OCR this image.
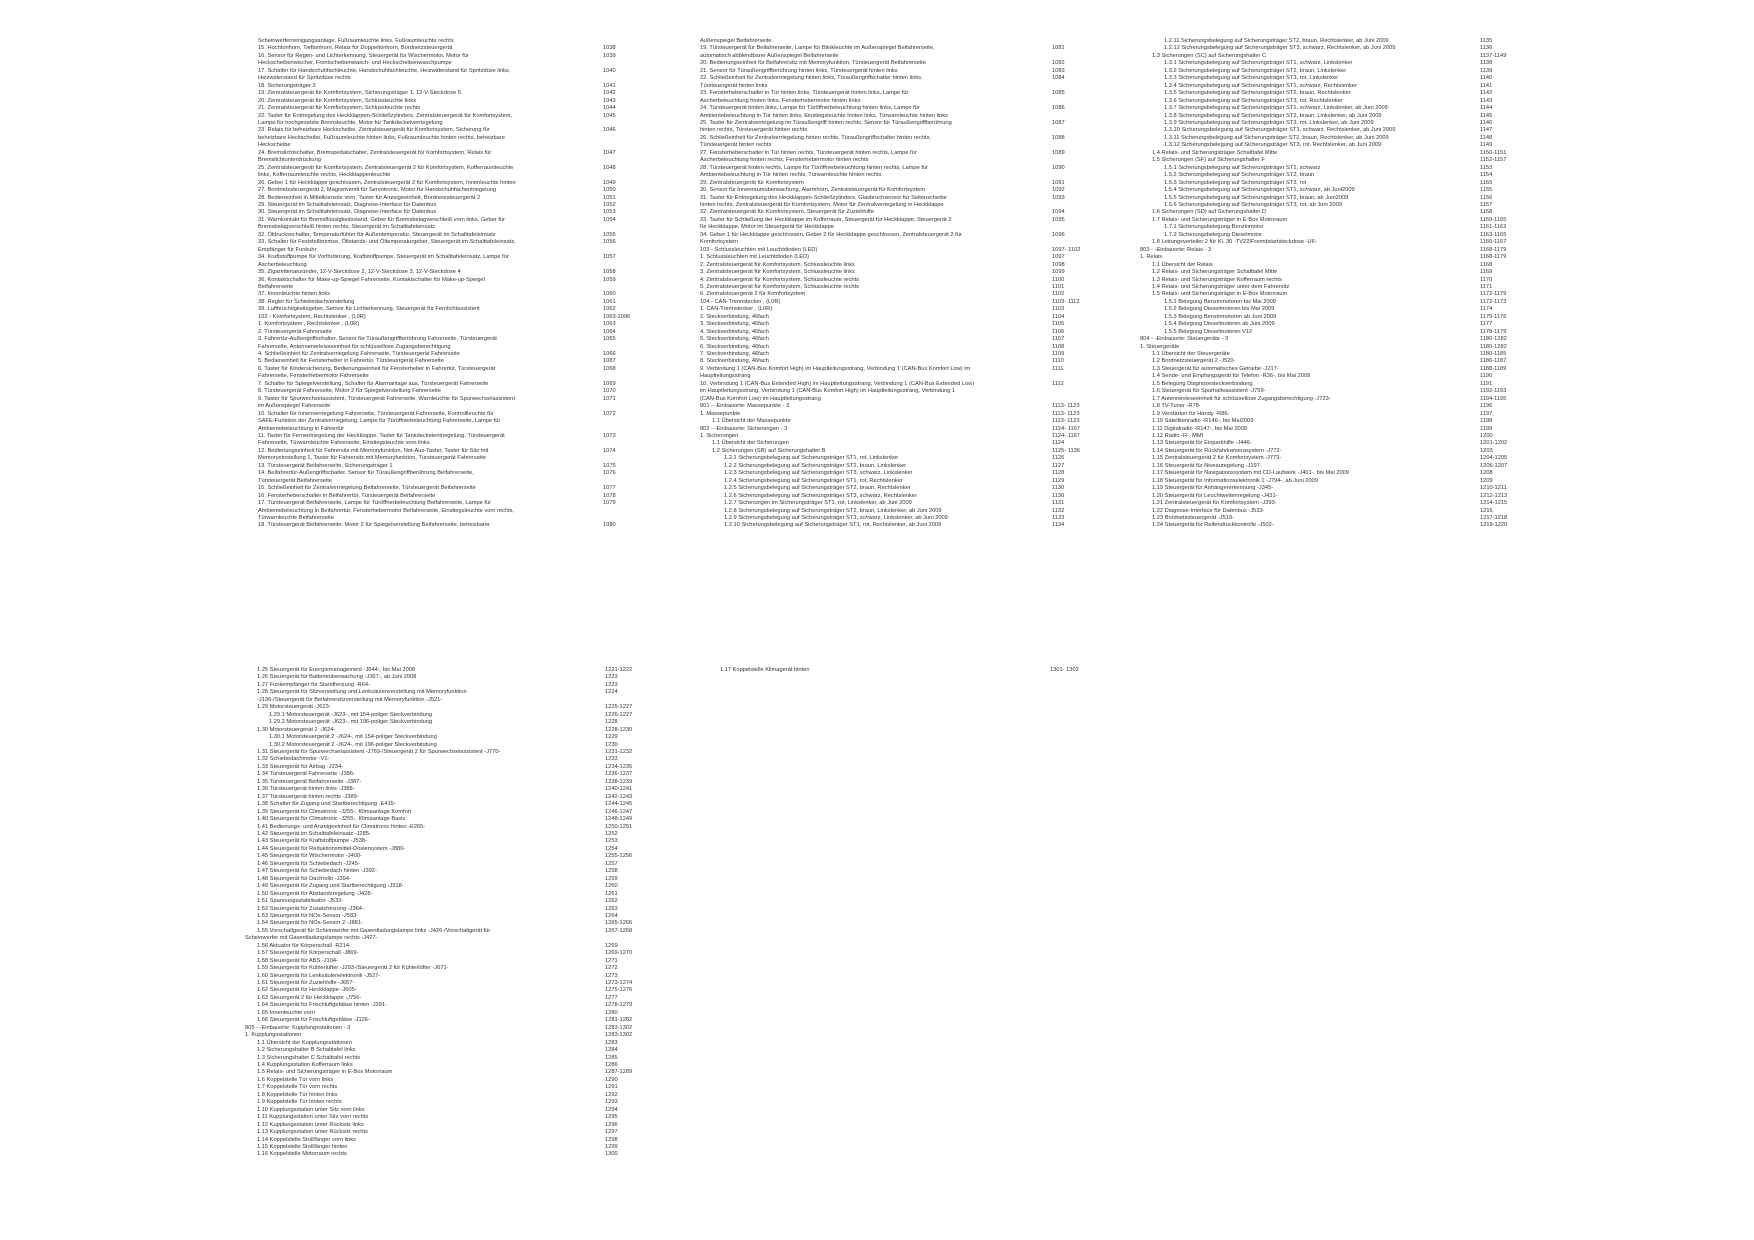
Scheinwerferreinigungsanlage, Fußraumleuchte links, Fußraumleuchte rechts
15. Hochtonhorn, Tieftonhorn, Relais für Doppeltonhorn, Bordnetzsteuergerät	1038
16. Sensor für Regen- und Lichterkennung, Steuergerät für Wischermotor, Motor für	1039
Heckscheibenwischer, Frontscheibenwasch- und Heckscheibenwaschpumpe
17. Schalter für Handschuhfachleuchte, Handschuhfachleuchte, Heizwiderstand für Spritzdüse links,	1040
Heizwiderstand für Spritzdüse rechts
18. Sicherungsträger 3	1041
19. Zentralsteuergerät für Komfortsystem, Sicherungsträger 1, 12-V-Steckdose 5	1042
20. Zentralsteuergerät für Komfortsystem, Schlussleuchte links	1043
21. Zentralsteuergerät für Komfortsystem, Schlussleuchte rechts	1044
22. Taster für Entriegelung des Heckklappen-Schließzylinders, Zentralsteuergerät für Komfortsystem,	1045
Lampe für hochgesetzte Bremsleuchte, Motor für Tankdeckelverriegelung
23. Relais für beheizbare Heckscheibe, Zentralsteuergerät für Komfortsystem, Sicherung für	1046
beheizbare Heckscheibe, Fußraumleuchte hinten links, Fußraumleuchte hinten rechts, beheizbare
Heckscheibe
24. Bremslichtschalter, Bremspedalschalter, Zentralsteuergerät für Komfortsystem, Relais für	1047
Bremslichtunterdrückung
25. Zentralsteuergerät für Komfortsystem, Zentralsteuergerät 2 für Komfortsystem, Kofferraumleuchte	1048
links, Kofferraumleuchte rechts, Heckklappenleuchte
26. Geber 1 für Heckklappe geschlossen, Zentralsteuergerät 2 für Komfortsystem, Innenleuchte hinten	1049
27. Bordnetzsteuergerät 2, Magnetventil für Servotronic, Motor für Handschuhfachentriegelung	1050
28. Bedieneinheit in Mittelkonsole vorn, Taster für Anzeigeeinheit, Bordnetzsteuergerät 2	1051
29. Steuergerät im Schalttafeleinsatz, Diagnose-Interface für Datenbus	1052
30. Steuergerät im Schalttafeleinsatz, Diagnose-Interface für Datenbus	1053
31. Warnkontakt für Bremsflüssigkeitsstand, Geber für Bremsbelagverschleiß vorn links, Geber für	1054
Bremsbelagverschleiß hinten rechts, Steuergerät im Schalttafeleinsatz
32. Öldrucksschalter, Temperaturfühler für Außentemperatur, Steuergerät im Schalttafeleinsatz	1055
33. Schalter für Feststellbremse, Öltstands- und Öltemperaturgeber, Steuergerät im Schalttafeleinsatz,	1056
Empfänger für Funkuhr
34. Kraftstoffpumpe für Vorförderung, Kraftstoffpumpe, Steuergerät im Schalttafeleinsatz, Lampe für	1057
Ascherbeleuchtung
35. Zigarettenanzünder, 12-V-Steckdose 2, 12-V-Steckdose 3, 12-V-Steckdose 4	1058
36. Kontaktschalter für Make-up-Spiegel Fahrerseite, Kontaktschalter für Make-up-Spiegel	1059
Beifahrerseite
37. Innenleuchte hinten links	1060
38. Regler für Schiebedachverstellung	1061
39. Luftfeuchtigkeitsgeber, Sensor für Lichterkennung, Steuergerät für Fernlichtassistent	1062
102 - Komfortsystem, Rechtslenker , (L0R)	1063-1096
1. Komfortsystem , Rechtslenker , (L0R)	1063
2. Türsteuergerät Fahrerseite	1064
3. Fahrertür-Außengriffschalter, Sensor für Türaußengriffberührung Fahrerseite, Türsteuergerät	1065
Fahrerseite, Antennenerleisseeinheit für schlüssellose Zugangsberechtigung
4. Schließeinheit für Zentralverriegelung Fahrerseite, Türsteuergerät Fahrerseite	1066
5. Bedieneinheit für Fensterheber in Fahrertür, Türsteuergerät Fahrerseite	1067
6. Taster für Kindersicherung, Bedienungseinheit für Fensterheber in Fahrertür, Türsteuergerät	1068
Fahrerseite, Fensterhebermotor Fahrerseite
7. Schalter für Spiegelverstellung, Schalter für Alarmanlage aus, Türsteuergerät Fahrerseite	1069
8. Türsteuergerät Fahrerseite, Motor 2 für Spiegelverstellung Fahrerseite	1070
9. Taster für Spurwechselassistent, Türsteuergerät Fahrerseite, Warnleuchte für Spurwechselassistent	1071
im Außenspiegel Fahrerseite
10. Schalter für Innenverriegelung Fahrerseite, Türsteuergerät Fahrerseite, Kontrollleuchte für	1072
SAFE-Funktion der Zentralverriegelung, Lampe für Türöffnerbeleuchtung Fahrerseite, Lampe für
Ambientebeleuchtung in Fahrertür
11. Taster für Fernentriegelung der Heckklappe, Taster für Tankdeckelentriegelung, Türsteuergerät	1073
Fahrerseite, Türwarnleuchte Fahrerseite, Einstiegsleuchte vorn links
12. Bedienungseinheit für Fahrersitz mit Memoryfunktion, Not-Aus-Taster, Taster für Sitz mit	1074
Memoryeinstellung 1, Taster für Fahrersitz mit Memoryfunktion, Türsteuergerät Fahrerseite
13. Türsteuergerät Beifahrerseite, Sicherungsträger 1	1075
14. Beifahrertür-Außengriffschalter, Sensor für Türaußengriffberührung Beifahrerseite,	1076
Türsteuergerät Beifahrerseite
15. Schließeinheit für Zentralverriegelung Beifahrerseite, Türsteuergerät Beifahrerseite	1077
16. Fensterheberschalter in Beifahrertür, Türsteuergerät Beifahrerseite	1078
17. Türsteuergerät Beifahrerseite, Lampe für Türöffnerbeleuchtung Beifahrerseite, Lampe für	1079
Ambientebeleuchtung in Beifahrertür, Fensterhebermotor Beifahrerseite, Einstiegsleuchte vorn rechts,
Türwarnleuchte Beifahrerseite
18. Türsteuergerät Beifahrerseite, Motor 2 für Spiegelverstellung Beifahrerseite, beheizbarer	1080
Außenspiegel Beifahrerseite
19. Türsteuergerät für Beifahrerseite, Lampe für Blinkleuchte im Außenspiegel Beifahrerseite,	1081
automatisch abblendbarer Außenspiegel Beifahrerseite
20. Bedienungseinheit für Beifahrersitz mit Memoryfunktion, Türsteuergerät Beifahrerseite	1082
21. Sensor für Türaußengriffberührung hinten links, Türsteuergerät hinten links	1083
22. Schließeinheit für Zentralverriegelung hinten links, Türaußengriffschalter hinten links,	1084
Türsteuergerät hinten links
23. Fensterheberschalter in Tür hinten links, Türsteuergerät hinten links, Lampe für	1085
Ascherbeleuchtung hinten links, Fensterhebermotor hinten links
24. Türsteuergerät hinten links, Lampe für Türöffnerbeleuchtung hinten links, Lampe für	1086
Ambientebeleuchtung in Tür hinten links, Einstiegsleuchte hinten links, Türwarnleuchte hinten links
25. Taster für Zentralverriegelung im Türaußengriff hinten rechts, Sensor für Türaußengriffberührung	1087
hinten rechts, Türsteuergerät hinten rechts
26. Schließeinheit für Zentralverriegelung hinten rechts, Türaußengriffschalter hinten rechts,	1088
Türsteuergerät hinten rechts
27. Fensterheberschalter in Tür hinten rechts, Türsteuergerät hinten rechts, Lampe für	1089
Ascherbeleuchtung hinten rechts, Fensterhebermotor hinten rechts
28. Türsteuergerät hinten rechts, Lampe für Türöffnerbeleuchtung hinten rechts, Lampe für	1090
Ambientebeleuchtung in Tür hinten rechts, Türwarnleuchte hinten rechts
29. Zentralsteuergerät für Komfortsystem	1091
30. Sensor für Innenraumüberwachung, Alarmhorn, Zentralsteuergerät für Komfortsystem	1092
31. Taster für Entriegelung des Heckklappen-Schließzylinders, Glasbruchsensor für Seitenscheibe	1093
hinten rechts, Zentralsteuergerät für Komfortsystem, Motor für Zentralverriegelung in Heckklappe
32. Zentralsteuergerät für Komfortsystem, Steuergerät für Zuziehhilfe	1094
33. Taster für Schließung der Heckklappe im Kofferraum, Steuergerät für Heckklappe, Steuergerät 2	1095
für Heckklappe, Motor im Steuergerät für Heckklappe
34. Geber 1 für Heckklappe geschlossen, Geber 2 für Heckklappe geschlossen, Zentralsteuergerät 2 für	1096
Komfortsystem
103 - Schlussleuchten mit Leuchtdioden (LED)	1097- 1102
1. Schlussleuchten mit Leuchtdioden (LED)	1097
2. Zentralsteuergerät für Komfortsystem, Schlussleuchte links	1098
3. Zentralsteuergerät für Komfortsystem, Schlussleuchte links	1099
4. Zentralsteuergerät für Komfortsystem, Schlussleuchte rechts	1100
5. Zentralsteuergerät für Komfortsystem, Schlussleuchte rechts	1101
6. Zentralsteuergerät 2 für Komfortsystem	1102
104 - CAN-Trennstecker , (L0R)	1103- 1112
1. CAN-Trennstecker , (L0R)	1103
2. Steckverbindung, 46fach	1104
3. Steckverbindung, 46fach	1105
4. Steckverbindung, 46fach	1106
5. Steckverbindung, 46fach	1107
6. Steckverbindung, 46fach	1108
7. Steckverbindung, 46fach	1109
8. Steckverbindung, 46fach	1110
9. Verbindung 1 (CAN-Bus Komfort High) im Hauptleitungsstrang, Verbindung 1 (CAN-Bus Komfort Low) im	1111
Hauptleitungsstrang
10. Verbindung 1 (CAN-Bus Extended High) im Hauptleitungsstrang, Verbindung 1 (CAN-Bus Extended Low)	1112
im Hauptleitungsstrang, Verbindung 1 (CAN-Bus Komfort High) im Hauptleitungsstrang, Verbindung 1
(CAN-Bus Komfort Low) im Hauptleitungsstrang
801 - -Einbauorte: Massepunkte - 3	1113- 1123
1. Massepunkte	1113- 1123
1.1 Übersicht der Massepunkte	1113- 1123
802 - -Einbauorte: Sicherungen - 3	1124- 1167
1. Sicherungen	1124- 1167
1.1 Übersicht der Sicherungen	1124
1.2 Sicherungen (SB) auf Sicherungshalter B	1125- 1136
1.2.1 Sicherungsbelegung auf Sicherungsträger ST1, rot, Linkslenker	1126
1.2.2 Sicherungsbelegung auf Sicherungsträger ST2, braun, Linkslenker	1127
1.2.3 Sicherungsbelegung auf Sicherungsträger ST3, schwarz, Linkslenker	1128
1.2.4 Sicherungsbelegung auf Sicherungsträger ST1, rot, Rechtslenker	1129
1.2.5 Sicherungsbelegung auf Sicherungsträger ST2, braun, Rechtslenker	1130
1.2.6 Sicherungsbelegung auf Sicherungsträger ST3, schwarz, Rechtslenker	1130
1.2.7 Sicherungen im Sicherungsträger ST1, rot, Linkslenker, ab Juni 2009	1131
1.2.8 Sicherungsbelegung auf Sicherungsträger ST2, braun, Linkslenker, ab Juni 2009	1132
1.2.9 Sicherungsbelegung auf Sicherungsträger ST3, schwarz, Linkslenker, ab Juni 2009	1133
1.2.10 Sicherungsbelegung auf Sicherungsträger ST1, rot, Rechtslenker, ab Juni 2009	1134
1.2.11 Sicherungsbelegung auf Sicherungsträger ST2, braun, Rechtslenker, ab Juni 2009	1135
1.2.12 Sicherungsbelegung auf Sicherungsträger ST3, schwarz, Rechtslenker, ab Juni 2009	1136
1.3 Sicherungen (SC) auf Sicherungshalter C	1137-1149
1.3.1 Sicherungsbelegung auf Sicherungsträger ST1, schwarz, Linkslenker	1138
1.3.2 Sicherungsbelegung auf Sicherungsträger ST2, braun, Linkslenker	1139
1.3.3 Sicherungsbelegung auf Sicherungsträger ST3, rot, Linkslenker	1140
1.3.4 Sicherungsbelegung auf Sicherungsträger ST1, schwarz, Rechtslenker	1141
1.3.5 Sicherungsbelegung auf Sicherungsträger ST2, braun, Rechtslenker	1142
1.3.6 Sicherungsbelegung auf Sicherungsträger ST3, rot, Rechtslenker	1143
1.3.7 Sicherungsbelegung auf Sicherungsträger ST1, schwarz, Linkslenker, ab Juni 2009	1144
1.3.8 Sicherungsbelegung auf Sicherungsträger ST2, braun, Linkslenker, ab Juni 2009	1145
1.3.9 Sicherungsbelegung auf Sicherungsträger ST3, rot, Linkslenker, ab Juni 2009	1146
1.3.10 Sicherungsbelegung auf Sicherungsträger ST1, schwarz, Rechtslenker, ab Juni 2009	1147
1.3.11 Sicherungsbelegung auf Sicherungsträger ST2, braun, Rechtslenker, ab Juni 2009	1148
1.3.12 Sicherungsbelegung auf Sicherungsträger ST3, rot, Rechtslenker, ab Juni 2009	1149
1.4 Relais- und Sicherungsträger Schalttafel Mitte	1150-1151
1.5 Sicherungen (SF) auf Sicherungshalter F	1152-1157
1.5.1 Sicherungsbelegung auf Sicherungsträger ST1, schwarz	1153
1.5.2 Sicherungsbelegung auf Sicherungsträger ST2, braun	1154
1.5.3 Sicherungsbelegung auf Sicherungsträger ST3, rot	1155
1.5.4 Sicherungsbelegung auf Sicherungsträger ST1, schwarz, ab Juni2009	1155
1.5.5 Sicherungsbelegung auf Sicherungsträger ST2, braun, ab Juni2009	1156
1.5.6 Sicherungsbelegung auf Sicherungsträger ST3, rot, ab Juni 2009	1157
1.6 Sicherungen (SD) auf Sicherungshalter D	1158
1.7 Relais- und Sicherungsträger in E-Box Motorraum	1159-1165
1.7.1 Sicherungsbelegung Benzinmotor	1161-1162
1.7.2 Sicherungsbelegung Dieselmotor	1163-1165
1.8 Leitungsverteiler 2 für Kl. 30 -TV22/Fremdstartsteckdose -U6-	1166-1167
803 - -Einbauorte: Relais - 3	1168-1179
1. Relais	1168-1179
1.1 Übersicht der Relais	1168
1.2 Relais- und Sicherungsträger Schalttafel Mitte	1169
1.3 Relais- und Sicherungsträger Kofferraum rechts	1170
1.4 Relais- und Sicherungsträger unter dem Fahrersitz	1171
1.5 Relais- und Sicherungsträger in E-Box Motorraum	1172-1179
1.5.1 Belegung Benzinmotoren bis Mai 2009	1172-1173
1.5.2 Belegung Dieselmotoren bis Mai 2009	1174
1.5.3 Belegung Benzinmotoren ab Juni 2009	1175-1176
1.5.4 Belegung Dieselmotoren ab Juni 2009	1177
1.5.5 Belegung Dieselmotoren V12	1178-1179
804 - -Einbauorte: Steuergeräte - 3	1180-1282
1. Steuergeräte	1180-1282
1.1 Übersicht der Steuergeräte	1180-1185
1.2 Bordnetzsteuergerät 2 -J520-	1186-1187
1.3 Steuergerät für automatisches Getriebe -J217-	1188-1189
1.4 Sende- und Empfangsgerät für Telefon -R36-, bis Mai 2009	1190
1.5 Belegung Diagnosesteckverbindung	1191
1.6 Steuergerät für Spurhalteassistent -J759-	1192-1193
1.7 Antennenleseeinheit für schlüssellose Zugangsberechtigung -J723-	1194-1195
1.8 TV-Tuner -R78-	1196
1.9 Verstärker für Handy -R86-	1197
1.10 Satellitenradio -R146-, bis Mai2009	1198
1.11 Digitalradio -R147-, bis Mai 2009	1199
1.12 Radio -R-, MMI	1200
1.13 Steuergerät für Einparkhilfe -J446-	1201-1202
1.14 Steuergerät für Rückfahrkamerasystem -J772-	1203
1.15 Zentralsteuergerät 2 für Komfortsystem -J773-	1204-1205
1.16 Steuergerät für Niveauregelung -J197-	1206-1207
1.17 Steuergerät für Navigationssystem mit CD-Laufwerk -J401-, bis Mai 2009	1208
1.18 Steuergerät für Informationselektronik 1 -J794-, ab Juni 2009	1209
1.19 Steuergerät für Anhängererkennung -J345-	1210-1211
1.20 Steuergerät für Leuchtweitenregelung -J431-	1212-1213
1.21 Zentralsteuergerät für Komfortsystem -J393-	1214-1215
1.22 Diagnose-Interface für Datenbus -J533-	1216
1.23 Bordnetzsteuergerät -J519-	1217-1218
1.24 Steuergerät für Reifendruckkontrolle -J502-	1219-1220
1.25 Steuergerät für Energiemanagement -J644-, bis Mai 2008	1221-1222
1.26 Steuergerät für Batterieüberwachung -J367-, ab Juni 2008	1223
1.27 Funkempfänger für Standheizung -R64-	1223
1.28 Steuergerät für Sitzverstellung und Lenksäulenverstellung mit Memoryfunktion	1224
-J136-/Steuergerät für Beifahrersitzverstellung mit Memoryfunktion -J521-
1.29 Motorsteuergerät -J623-	1225-1227
1.29.1 Motorsteuergerät -J623-, mit 154-poliger Steckverbindung	1226-1227
1.29.2 Motorsteuergerät -J623-, mit 196-poliger Steckverbindung	1228
1.30 Motorsteuergerät 2 -J624-	1228-1230
1.30.1 Motorsteuergerät 2 -J624-, mit 154-poliger Steckverbindung	1229
1.30.2 Motorsteuergerät 2 -J624-, mit 196-poliger Steckverbindung	1230
1.31 Steuergerät für Spurwechselassistent -J769-/Steuergerät 2 für Spurwechselassistent -J770-	1231-1232
1.32 Schiebedachmotor -V1-	1233
1.33 Steuergerät für Airbag -J234-	1234-1235
1.34 Türsteuergerät Fahrerseite -J386-	1236-1237
1.35 Türsteuergerät Beifahrerseite -J387-	1238-1239
1.36 Türsteuergerät hinten links -J388-	1240-1241
1.37 Türsteuergerät hinten rechts -J389-	1242-1243
1.38 Schalter für Zugang und Startberechtigung -E415-	1244-1245
1.39 Steuergerät für Climatronic -J255-, Klimaanlage Komfort	1246-1247
1.40 Steuergerät für Climatronic -J255-, Klimaanlage Basis	1248-1249
1.41 Bedienungs- und Anzeigeeinheit für Climatronic hinten -E265-	1250-1251
1.42 Steuergerät im Schalttafeleinsatz -J285-	1252
1.43 Steuergerät für Kraftstoffpumpe -J538-	1253
1.44 Steuergerät für Reduktionsmittel-Dosiersystem -J880-	1254
1.45 Steuergerät für Wischermotor -J400-	1255-1256
1.46 Steuergerät für Schiebedach -J245-	1257
1.47 Steuergerät für Schiebedach hinten -J392-	1258
1.48 Steuergerät für Dachrollo -J394-	1259
1.49 Steuergerät für Zugang und Startberechtigung -J518-	1260
1.50 Steuergerät für Abstandsregelung -J428-	1261
1.51 Spannungsstabilisator -J532-	1262
1.52 Steuergerät für Zusatzheizung -J364-	1263
1.53 Steuergerät für NOx-Sensor -J583-	1264
1.54 Steuergerät für NOx-Sensor 2 -J881-	1265-1266
1.55 Vorschaltgerät für Scheinwerfer mit Gasentladungslampe links -J426-/Vorschaltgerät für	1267-1268
Scheinwerfer mit Gasentladungslampe rechts -J427-
1.56 Aktuator für Körperschall -R214-	1269
1.57 Steuergerät für Körperschall -J869-	1269-1270
1.58 Steuergerät für ABS -J104-	1271
1.59 Steuergerät für Kühlerlüfter -J293-/Steuergerät 2 für Kühlerlüfter -J671-	1272
1.60 Steuergerät für Lenksäulenelektronik -J527-	1273
1.61 Steuergerät für Zuziehhilfe -J657-	1273-1274
1.62 Steuergerät für Heckklappe -J605-	1275-1276
1.63 Steuergerät 2 für Heckklappe -J756-	1277
1.64 Steuergerät für Frischluftgebläse hinten -J391-	1278-1279
1.65 Innenleuchte vorn	1280
1.66 Steuergerät für Frischluftgebläse -J126-	1281-1282
805 - -Einbauorte: Kupplungsstationen - 3	1283-1302
1. Kupplungsstationen	1283-1302
1.1 Übersicht der Kupplungsstationen	1283
1.2 Sicherungshalter B Schalttafel links	1284
1.3 Sicherungshalter C Schalttafel rechts	1285
1.4 Kupplungsstation Kofferraum links	1286
1.5 Relais- und Sicherungsträger in E-Box Motorraum	1287-1289
1.6 Koppelstelle Tür vorn links	1290
1.7 Koppelstelle Tür vorn rechts	1291
1.8 Koppelstelle Tür hinten links	1292
1.9 Koppelstelle Tür hinten rechts	1293
1.10 Kupplungsstation unter Sitz vorn links	1294
1.11 Kupplungsstation unter Sitz vorn rechts	1295
1.12 Kupplungsstation unter Rücksitz links	1296
1.13 Kupplungsstation unter Rücksitz rechts	1297
1.14 Koppelstelle Stoßfänger vorn links	1298
1.15 Koppelstelle Stoßfänger hinten	1299
1.16 Koppelstelle Motorraum rechts	1300
1.17 Koppelstelle Klimagerät hinten	1301- 1302
